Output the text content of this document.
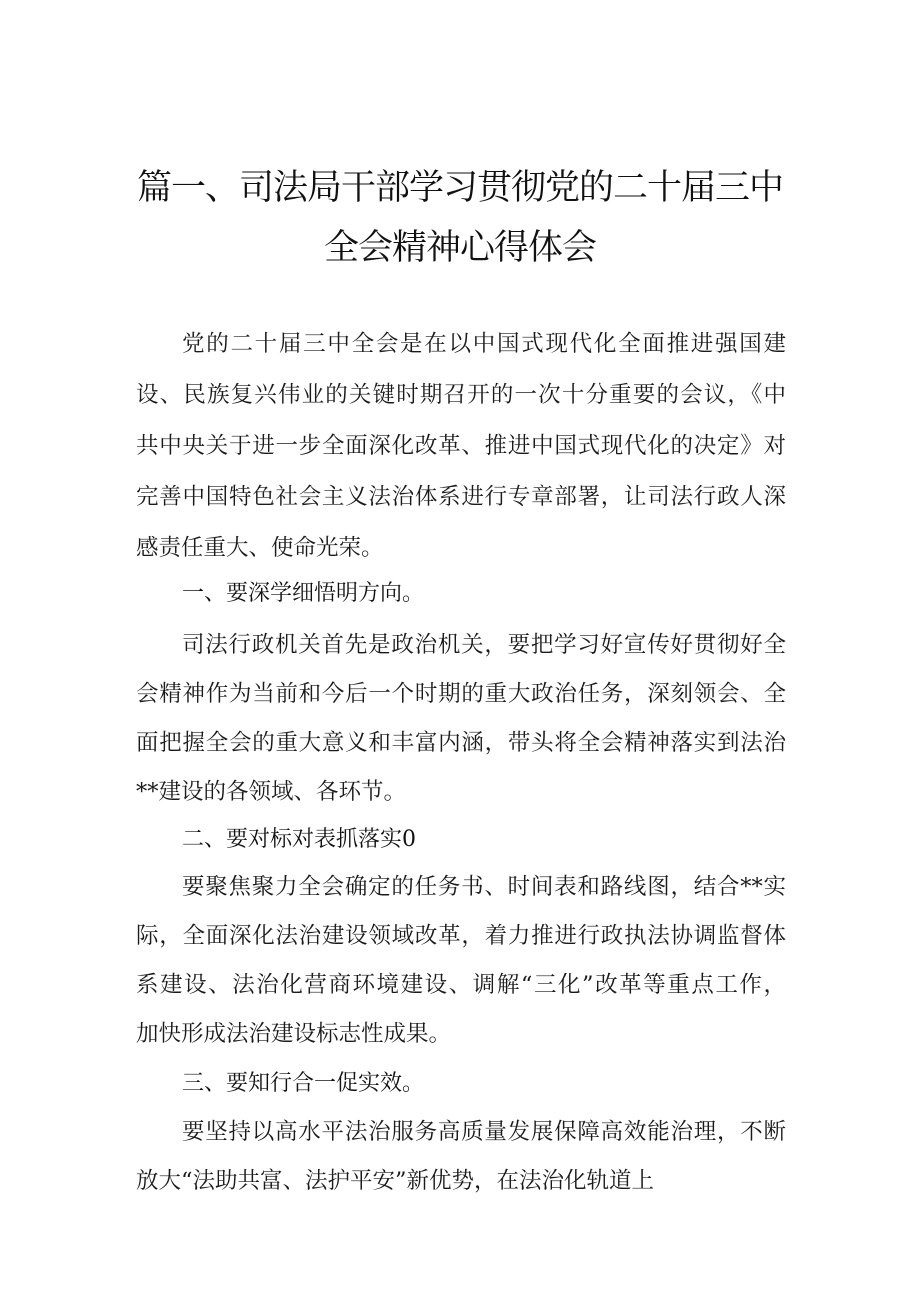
篇一、司法局干部学习贯彻党的二十届三中
全会精神心得体会
党的二十届三中全会是在以中国式现代化全面推进强国建
设、民族复兴伟业的关键时期召开的一次十分重要的会议，《中
共中央关于进一步全面深化改革、推进中国式现代化的决定》对
完善中国特色社会主义法治体系进行专章部署，让司法行政人深
感责任重大、使命光荣。
一、要深学细悟明方向。
司法行政机关首先是政治机关，要把学习好宣传好贯彻好全
会精神作为当前和今后一个时期的重大政治任务，深刻领会、全
面把握全会的重大意义和丰富内涵，带头将全会精神落实到法治
**建设的各领域、各环节。
二、要对标对表抓落实0
要聚焦聚力全会确定的任务书、时间表和路线图，结合**实
际，全面深化法治建设领域改革，着力推进行政执法协调监督体
系建设、法治化营商环境建设、调解“三化”改革等重点工作，
加快形成法治建设标志性成果。
三、要知行合一促实效。
要坚持以高水平法治服务高质量发展保障高效能治理，不断
放大“法助共富、法护平安”新优势，在法治化轨道上
